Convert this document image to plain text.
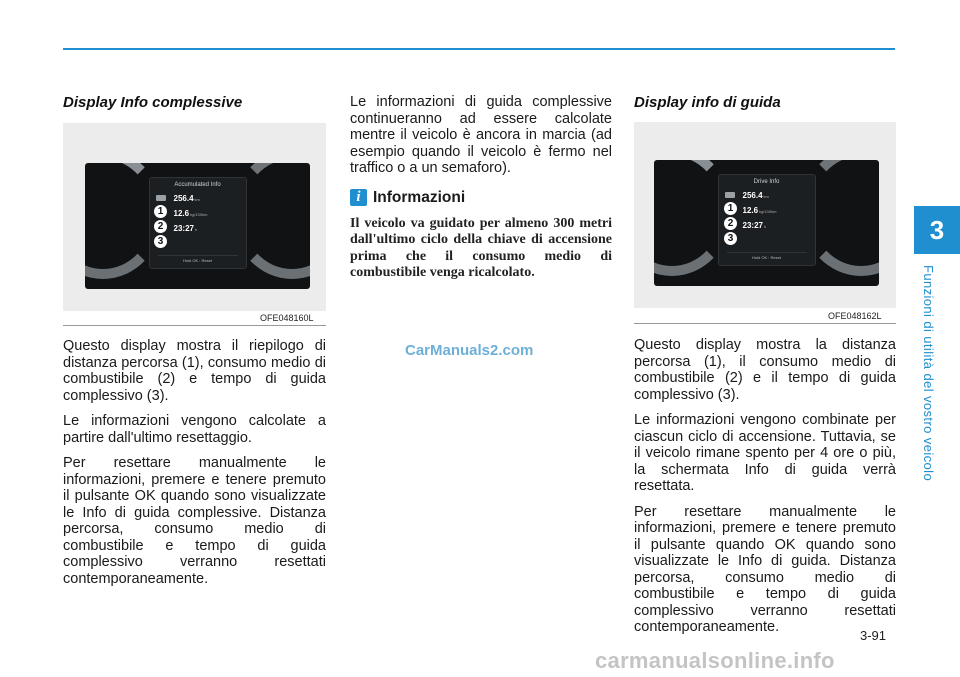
3
Funzioni di utilità del vostro veicolo
Display Info complessive
Accumulated Info
256.4 km
12.6 kg/100km
23:27 h
Hold OK : Reset
1
2
3
OFE048160L

Questo display mostra il riepilogo di distanza percorsa (1), consumo medio di combustibile (2) e tempo di guida complessivo (3).

Le informazioni vengono calcolate a partire dall'ultimo resettaggio.

Per resettare manualmente le informazioni, premere e tenere premuto il pulsante OK quando sono visualizzate le Info di guida complessive. Distanza percorsa, consumo medio di combustibile e tempo di guida complessivo verranno resettati contemporaneamente.

Le informazioni di guida complessive continueranno ad essere calcolate mentre il veicolo è ancora in marcia (ad esempio quando il veicolo è fermo nel traffico o a un semaforo).

i Informazioni

Il veicolo va guidato per almeno 300 metri dall'ultimo ciclo della chiave di accensione prima che il consumo medio di combustibile venga ricalcolato.

Display info di guida
Drive Info
256.4 km
12.6 kg/100km
23:27 h
Hold OK : Reset
1
2
3
OFE048162L

Questo display mostra la distanza percorsa (1), il consumo medio di combustibile (2) e il tempo di guida complessivo (3).

Le informazioni vengono combinate per ciascun ciclo di accensione. Tuttavia, se il veicolo rimane spento per 4 ore o più, la schermata Info di guida verrà resettata.

Per resettare manualmente le informazioni, premere e tenere premuto il pulsante quando OK quando sono visualizzate le Info di guida. Distanza percorsa, consumo medio di combustibile e tempo di guida complessivo verranno resettati contemporaneamente.

CarManuals2.com
3-91
carmanualsonline.info
